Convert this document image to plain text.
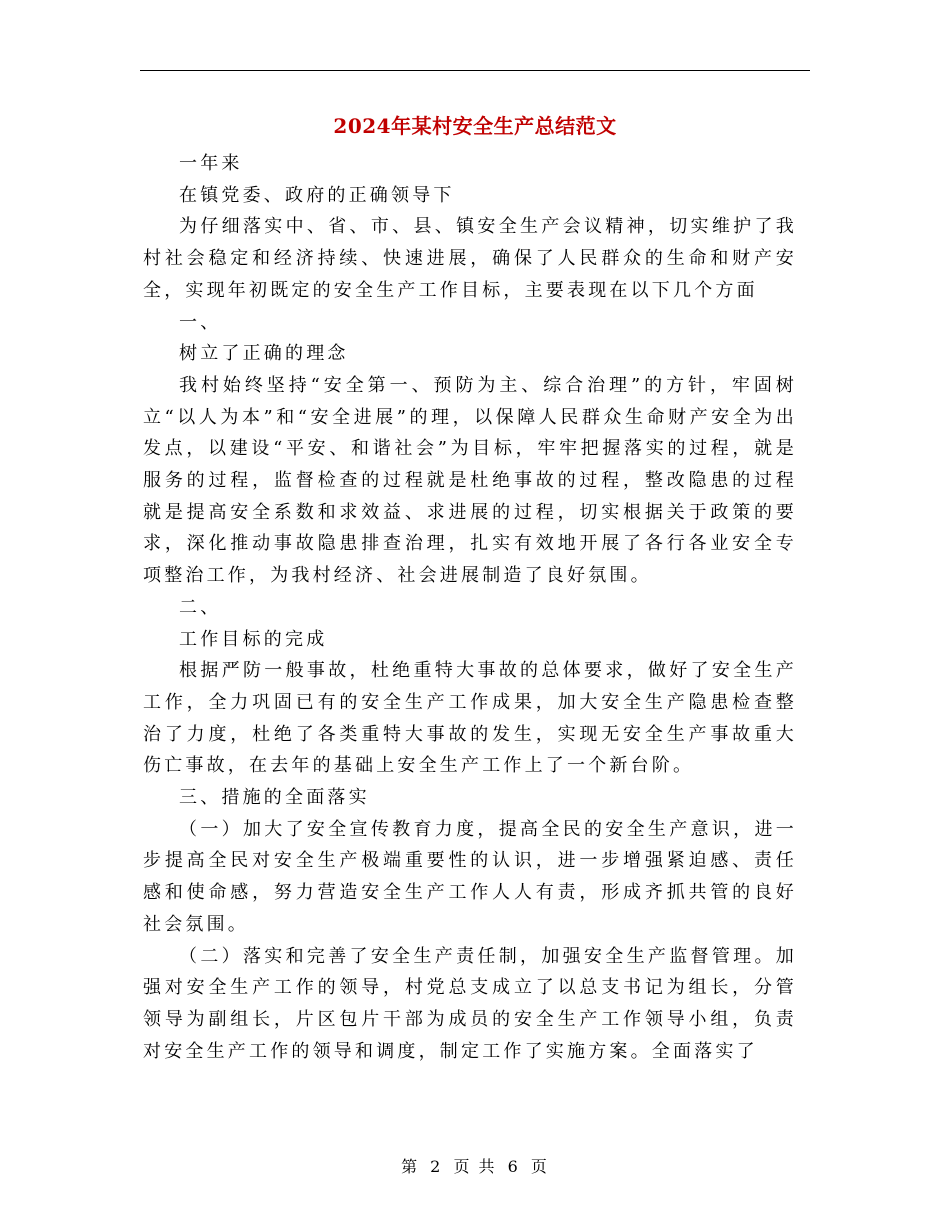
2024年某村安全生产总结范文

一年来

在镇党委、政府的正确领导下

为仔细落实中、省、市、县、镇安全生产会议精神，切实维护了我村社会稳定和经济持续、快速进展，确保了人民群众的生命和财产安全，实现年初既定的安全生产工作目标，主要表现在以下几个方面

一、

树立了正确的理念

我村始终坚持“安全第一、预防为主、综合治理”的方针，牢固树立“以人为本”和“安全进展”的理，以保障人民群众生命财产安全为出发点，以建设“平安、和谐社会”为目标，牢牢把握落实的过程，就是服务的过程，监督检查的过程就是杜绝事故的过程，整改隐患的过程就是提高安全系数和求效益、求进展的过程，切实根据关于政策的要求，深化推动事故隐患排查治理，扎实有效地开展了各行各业安全专项整治工作，为我村经济、社会进展制造了良好氛围。

二、

工作目标的完成

根据严防一般事故，杜绝重特大事故的总体要求，做好了安全生产工作，全力巩固已有的安全生产工作成果，加大安全生产隐患检查整治了力度，杜绝了各类重特大事故的发生，实现无安全生产事故重大伤亡事故，在去年的基础上安全生产工作上了一个新台阶。

三、措施的全面落实

（一）加大了安全宣传教育力度，提高全民的安全生产意识，进一步提高全民对安全生产极端重要性的认识，进一步增强紧迫感、责任感和使命感，努力营造安全生产工作人人有责，形成齐抓共管的良好社会氛围。

（二）落实和完善了安全生产责任制，加强安全生产监督管理。加强对安全生产工作的领导，村党总支成立了以总支书记为组长，分管领导为副组长，片区包片干部为成员的安全生产工作领导小组，负责对安全生产工作的领导和调度，制定工作了实施方案。全面落实了

第 2 页 共 6 页
